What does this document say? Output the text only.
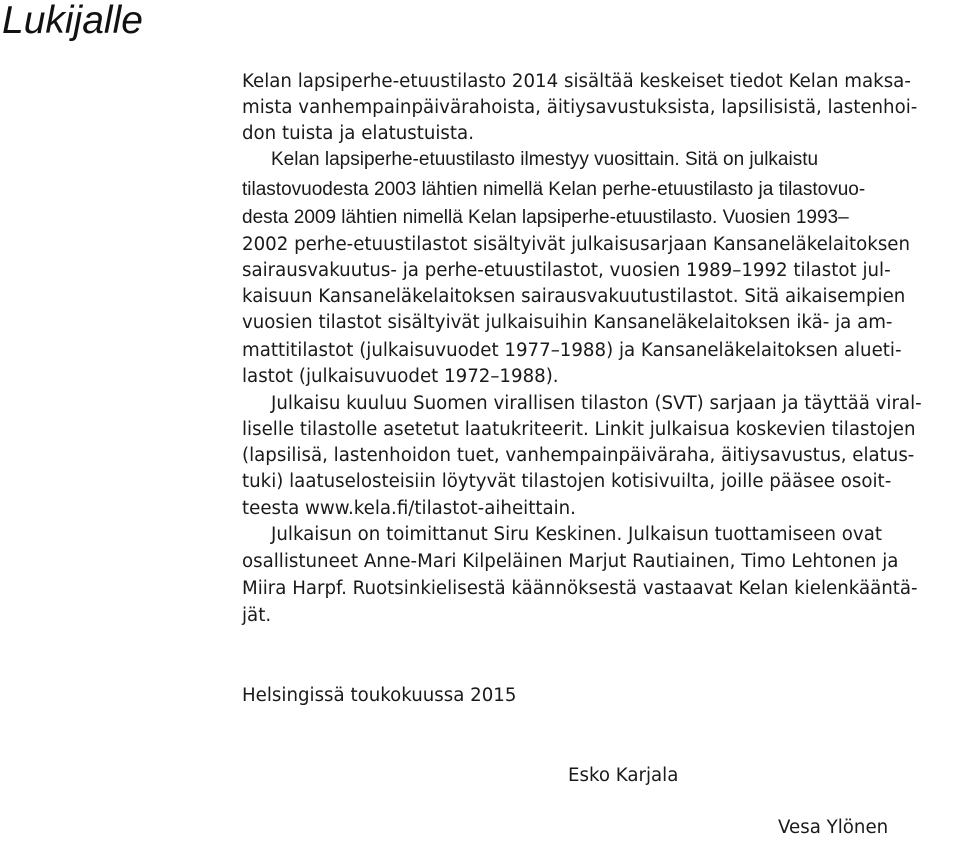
Lukijalle

Kelan lapsiperhe-etuustilasto 2014 sisältää keskeiset tiedot Kelan maksa-

mista vanhempainpäivärahoista, äitiysavustuksista, lapsilisistä, lastenhoi-

don tuista ja elatustuista.

Kelan lapsiperhe-etuustilasto ilmestyy vuosittain. Sitä on julkaistu

tilastovuodesta 2003 lähtien nimellä Kelan perhe-etuustilasto ja tilastovuo-

desta 2009 lähtien nimellä Kelan lapsiperhe-etuustilasto. Vuosien 1993–

2002 perhe-etuustilastot sisältyivät julkaisusarjaan Kansaneläkelaitoksen

sairausvakuutus- ja perhe-etuustilastot, vuosien 1989–1992 tilastot jul-

kaisuun Kansaneläkelaitoksen sairausvakuutustilastot. Sitä aikaisempien

vuosien tilastot sisältyivät julkaisuihin Kansaneläkelaitoksen ikä- ja am-

mattitilastot (julkaisuvuodet 1977–1988) ja Kansaneläkelaitoksen alueti-

lastot (julkaisuvuodet 1972–1988).

Julkaisu kuuluu Suomen virallisen tilaston (SVT) sarjaan ja täyttää viral-

liselle tilastolle asetetut laatukriteerit. Linkit julkaisua koskevien tilastojen

(lapsilisä, lastenhoidon tuet, vanhempainpäiväraha, äitiysavustus, elatus-

tuki) laatuselosteisiin löytyvät tilastojen kotisivuilta, joille pääsee osoit-

teesta www.kela.fi/tilastot-aiheittain.

Julkaisun on toimittanut Siru Keskinen. Julkaisun tuottamiseen ovat

osallistuneet Anne-Mari Kilpeläinen Marjut Rautiainen, Timo Lehtonen ja

Miira Harpf. Ruotsinkielisestä käännöksestä vastaavat Kelan kielenkääntä-

jät.

Helsingissä toukokuussa 2015

Esko Karjala

Vesa Ylönen
